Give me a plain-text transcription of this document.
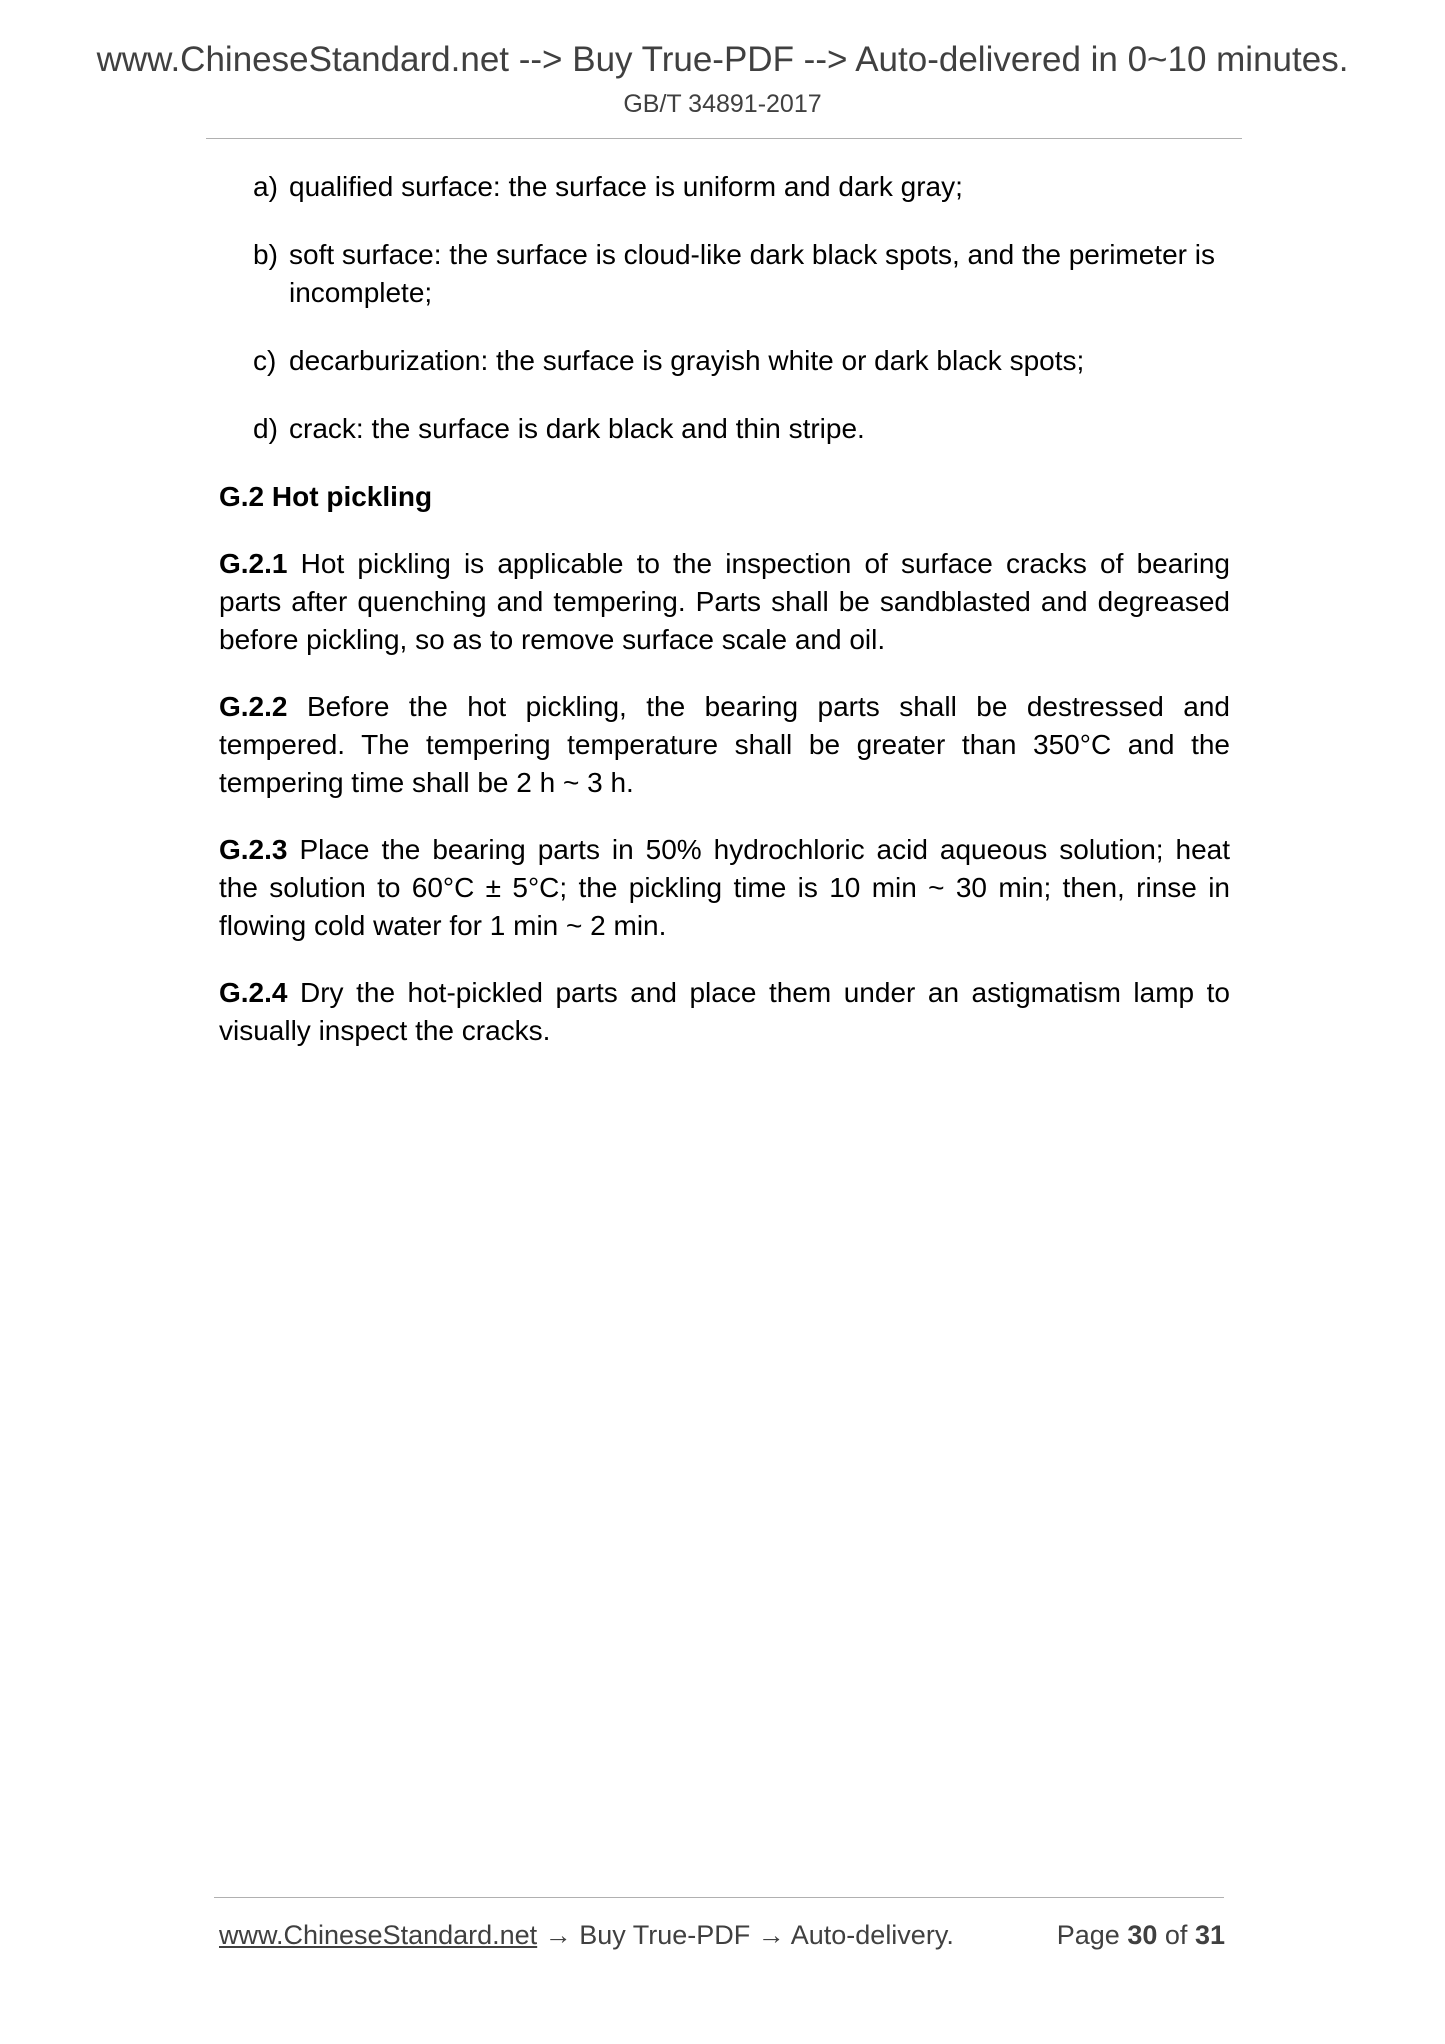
www.ChineseStandard.net --> Buy True-PDF --> Auto-delivered in 0~10 minutes.
GB/T 34891-2017
a) qualified surface: the surface is uniform and dark gray;
b) soft surface: the surface is cloud-like dark black spots, and the perimeter is incomplete;
c) decarburization: the surface is grayish white or dark black spots;
d) crack: the surface is dark black and thin stripe.
G.2 Hot pickling

G.2.1 Hot pickling is applicable to the inspection of surface cracks of bearing parts after quenching and tempering. Parts shall be sandblasted and degreased before pickling, so as to remove surface scale and oil.

G.2.2 Before the hot pickling, the bearing parts shall be destressed and tempered. The tempering temperature shall be greater than 350°C and the tempering time shall be 2 h ~ 3 h.

G.2.3 Place the bearing parts in 50% hydrochloric acid aqueous solution; heat the solution to 60°C ± 5°C; the pickling time is 10 min ~ 30 min; then, rinse in flowing cold water for 1 min ~ 2 min.

G.2.4 Dry the hot-pickled parts and place them under an astigmatism lamp to visually inspect the cracks.

www.ChineseStandard.net → Buy True-PDF → Auto-delivery.	Page 30 of 31
